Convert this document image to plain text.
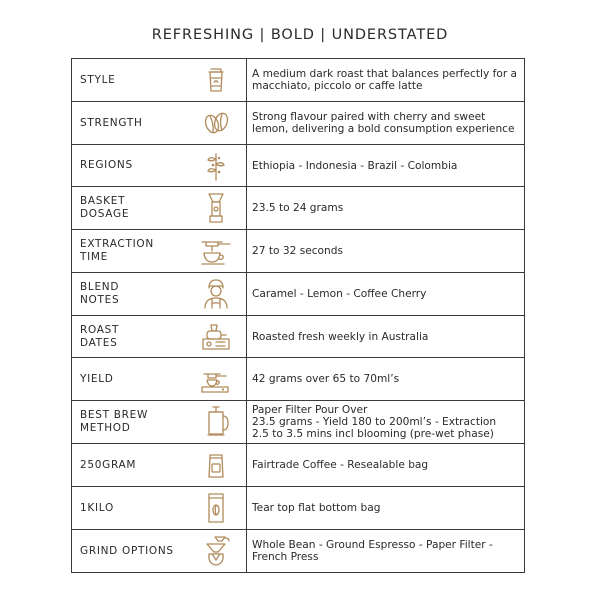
REFRESHING | BOLD | UNDERSTATED
STYLE		A medium dark roast that balances perfectly for a
macchiato, piccolo or caffe latte
STRENGTH		Strong flavour paired with cherry and sweet
lemon, delivering a bold consumption experience
REGIONS		Ethiopia - Indonesia - Brazil - Colombia
BASKET
DOSAGE		23.5 to 24 grams
EXTRACTION
TIME		27 to 32 seconds
BLEND
NOTES		Caramel - Lemon - Coffee Cherry
ROAST
DATES		Roasted fresh weekly in Australia
YIELD		42 grams over 65 to 70ml’s
BEST BREW
METHOD		Paper Filter Pour Over
23.5 grams - Yield 180 to 200ml’s - Extraction
2.5 to 3.5 mins incl blooming (pre-wet phase)
250GRAM		Fairtrade Coffee - Resealable bag
1KILO		Tear top flat bottom bag
GRIND OPTIONS		Whole Bean - Ground Espresso - Paper Filter -
French Press
